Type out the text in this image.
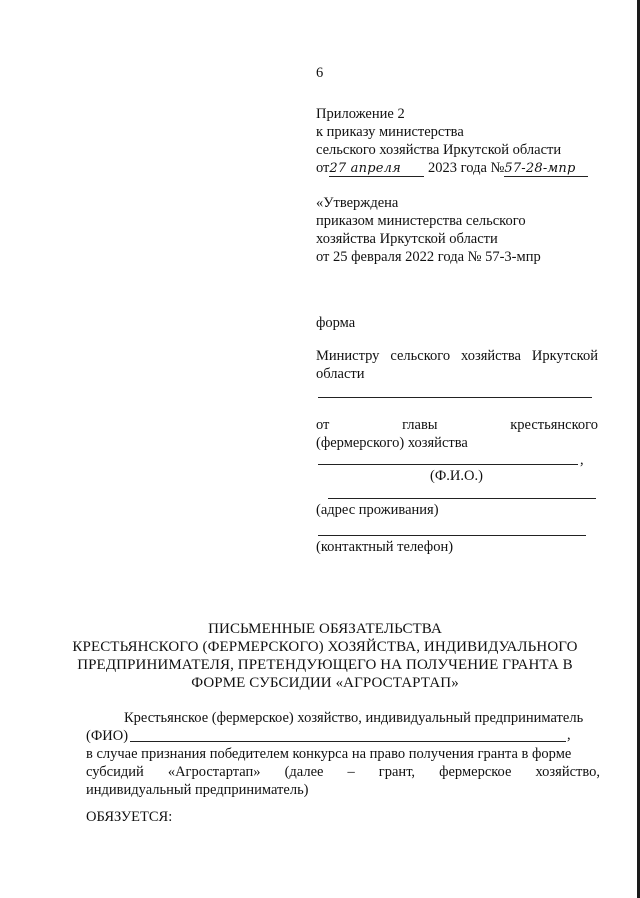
6
Приложение 2
к приказу министерства
сельского хозяйства Иркутской области
от27 апреля 2023 года №57-28-мпр
«Утверждена
приказом министерства сельского
хозяйства Иркутской области
от 25 февраля 2022 года № 57-3-мпр
форма
Министру сельского хозяйства Иркутской
области
от	главы	крестьянского
(фермерского) хозяйства
,
(Ф.И.О.)
(адрес проживания)
(контактный телефон)
ПИСЬМЕННЫЕ ОБЯЗАТЕЛЬСТВА
КРЕСТЬЯНСКОГО (ФЕРМЕРСКОГО) ХОЗЯЙСТВА, ИНДИВИДУАЛЬНОГО
ПРЕДПРИНИМАТЕЛЯ, ПРЕТЕНДУЮЩЕГО НА ПОЛУЧЕНИЕ ГРАНТА В
ФОРМЕ СУБСИДИИ «АГРОСТАРТАП»
Крестьянское (фермерское) хозяйство, индивидуальный предприниматель
(ФИО)	,
в случае признания победителем конкурса на право получения гранта в форме
субсидий «Агростартап» (далее – грант, фермерское хозяйство,
индивидуальный предприниматель)
ОБЯЗУЕТСЯ:
